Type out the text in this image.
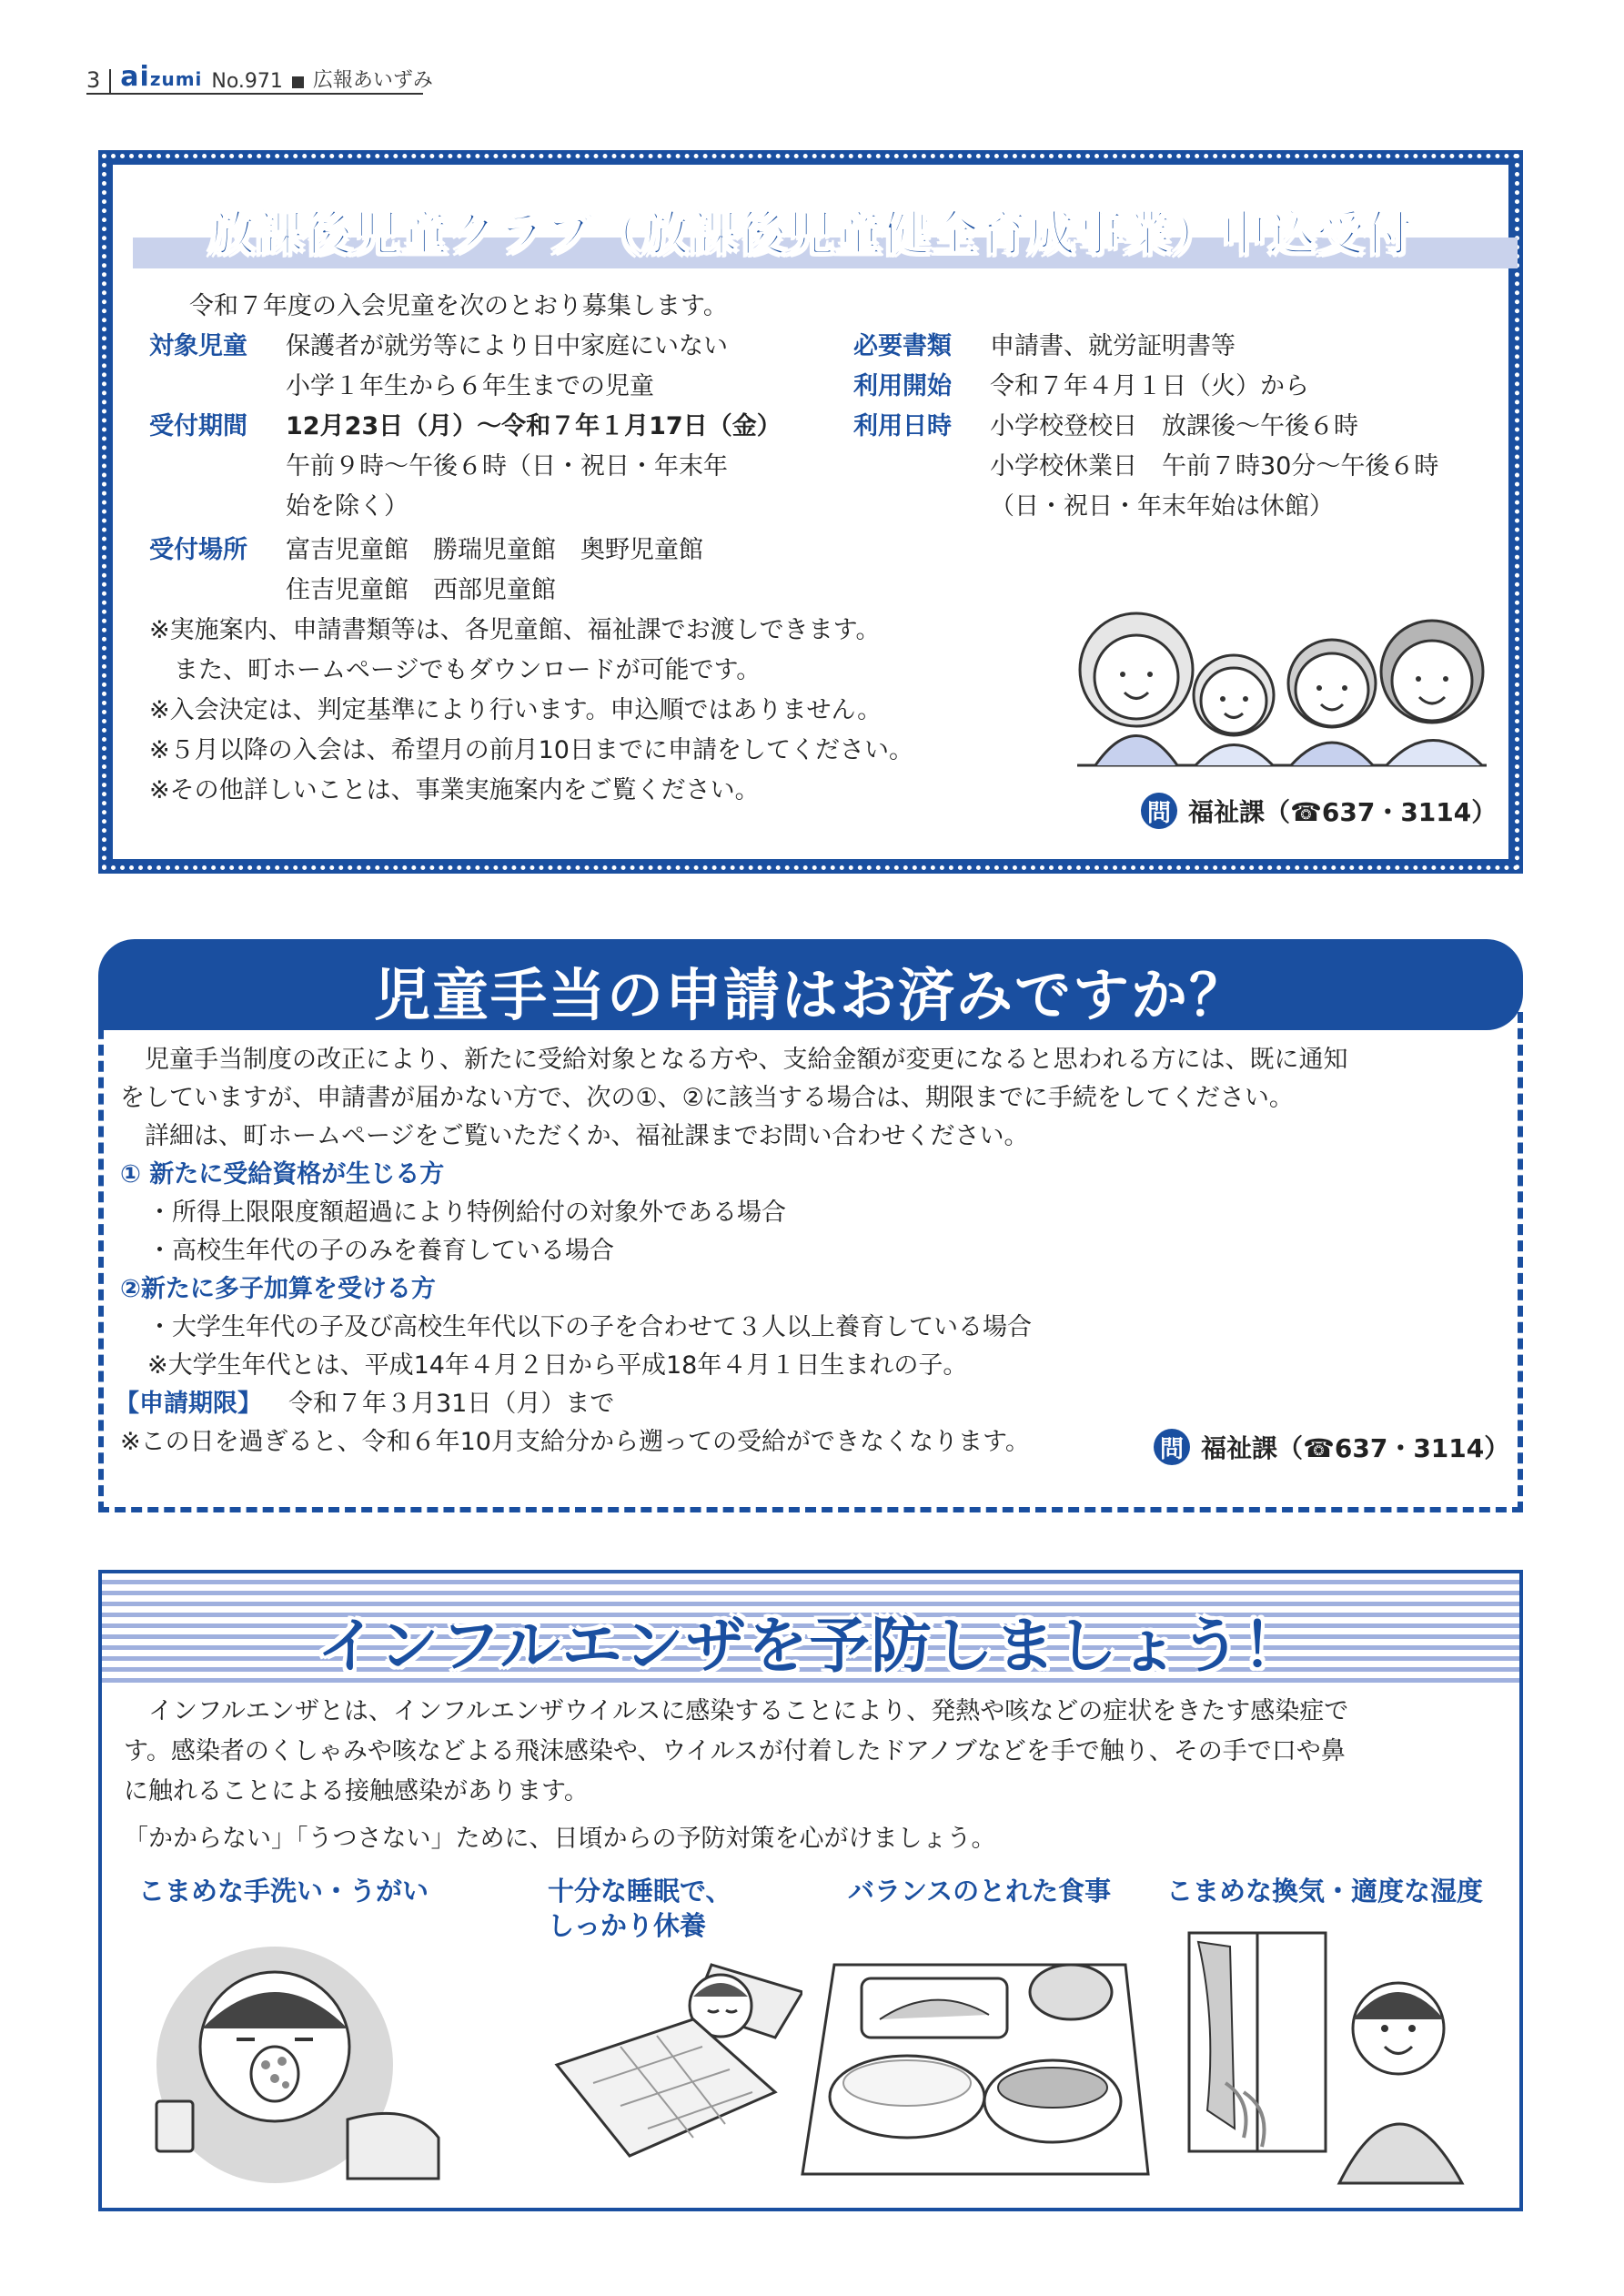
3 aizumi No.971 広報あいずみ
放課後児童クラブ（放課後児童健全育成事業）申込受付
令和７年度の入会児童を次のとおり募集します。
対象児童 保護者が就労等により日中家庭にいない
小学１年生から６年生までの児童
受付期間 12月23日（月）～令和７年１月17日（金）
午前９時～午後６時（日・祝日・年末年
始を除く）
受付場所 富吉児童館　勝瑞児童館　奥野児童館
住吉児童館　西部児童館
必要書類 申請書、就労証明書等
利用開始 令和７年４月１日（火）から
利用日時 小学校登校日　放課後～午後６時
小学校休業日　午前７時30分～午後６時
（日・祝日・年末年始は休館）
※実施案内、申請書類等は、各児童館、福祉課でお渡しできます。
　また、町ホームページでもダウンロードが可能です。
※入会決定は、判定基準により行います。申込順ではありません。
※５月以降の入会は、希望月の前月10日までに申請をしてください。
※その他詳しいことは、事業実施案内をご覧ください。
問 福祉課（☎637・3114）
児童手当の申請はお済みですか？
　児童手当制度の改正により、新たに受給対象となる方や、支給金額が変更になると思われる方には、既に通知
をしていますが、申請書が届かない方で、次の①、②に該当する場合は、期限までに手続をしてください。
　詳細は、町ホームページをご覧いただくか、福祉課までお問い合わせください。
① 新たに受給資格が生じる方
・所得上限限度額超過により特例給付の対象外である場合
・高校生年代の子のみを養育している場合
②新たに多子加算を受ける方
・大学生年代の子及び高校生年代以下の子を合わせて３人以上養育している場合
※大学生年代とは、平成14年４月２日から平成18年４月１日生まれの子。
【申請期限】 令和７年３月31日（月）まで
※この日を過ぎると、令和６年10月支給分から遡っての受給ができなくなります。	問 福祉課（☎637・3114）
インフルエンザを予防しましょう！
　インフルエンザとは、インフルエンザウイルスに感染することにより、発熱や咳などの症状をきたす感染症で
す。感染者のくしゃみや咳などよる飛沫感染や、ウイルスが付着したドアノブなどを手で触り、その手で口や鼻
に触れることによる接触感染があります。
「かからない」「うつさない」ために、日頃からの予防対策を心がけましょう。
こまめな手洗い・うがい	十分な睡眠で、
しっかり休養
バランスのとれた食事 こまめな換気・適度な湿度
